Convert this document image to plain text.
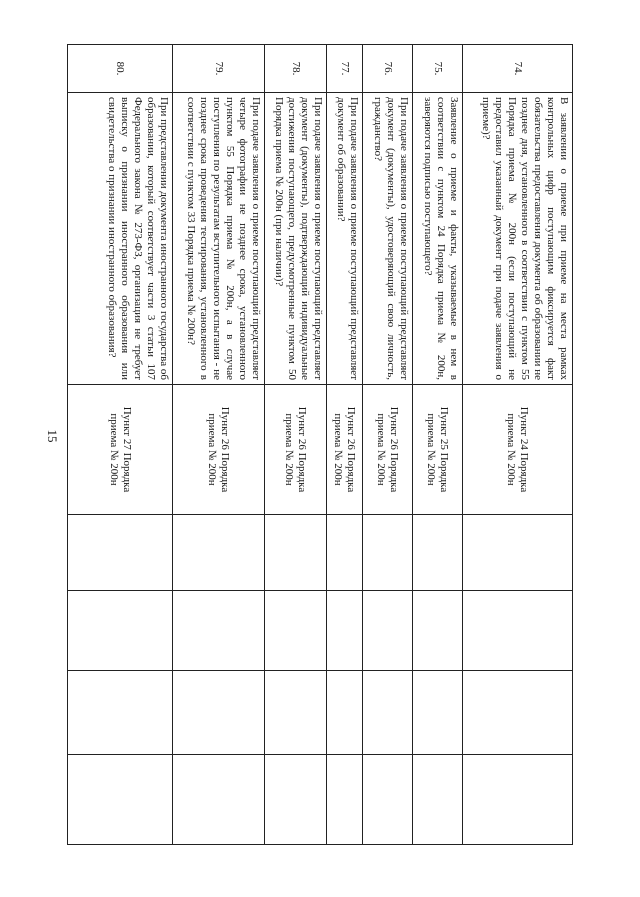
15
74.	В заявлении о приеме при приеме на места рамках контрольных цифр поступающим фиксируется факт обязательства предоставления документа об образовании не позднее дня, установленного в соответствии с пунктом 55 Порядка приема № 200н (если поступающий не предоставил указанный документ при подаче заявления о приеме)?	Пункт 24 Порядка приема № 200н				
75.	Заявление о приеме и факты, указываемые в нем в соответствии с пунктом 24 Порядка приема № 200н, заверяются подписью поступающего?	Пункт 25 Порядка приема № 200н				
76.	При подаче заявления о приеме поступающий представляет документ (документы), удостоверяющий свою личность, гражданство?	Пункт 26 Порядка приема № 200н				
77.	При подаче заявления о приеме поступающий представляет документ об образовании?	Пункт 26 Порядка приема № 200н				
78.	При подаче заявления о приеме поступающий представляет документ (документы), подтверждающий индивидуальные достижения поступающего, предусмотренные пунктом 50 Порядка приема № 200н (при наличии)?	Пункт 26 Порядка приема № 200н				
79.	При подаче заявления о приеме поступающий представляет четыре фотографии не позднее срока, установленного пунктом 55 Порядка приема № 200н, а в случае поступления по результатам вступительного испытания - не позднее срока проведения тестирования, установленного в соответствии с пунктом 33 Порядка приема № 200н?	Пункт 26 Порядка приема № 200н				
80.	При представлении документа иностранного государства об образовании, который соответствует части 3 статьи 107 Федерального закона № 273-ФЗ, организация не требует выписку о признании иностранного образования или свидетельства о признании иностранного образования?	Пункт 27 Порядка приема № 200н				
